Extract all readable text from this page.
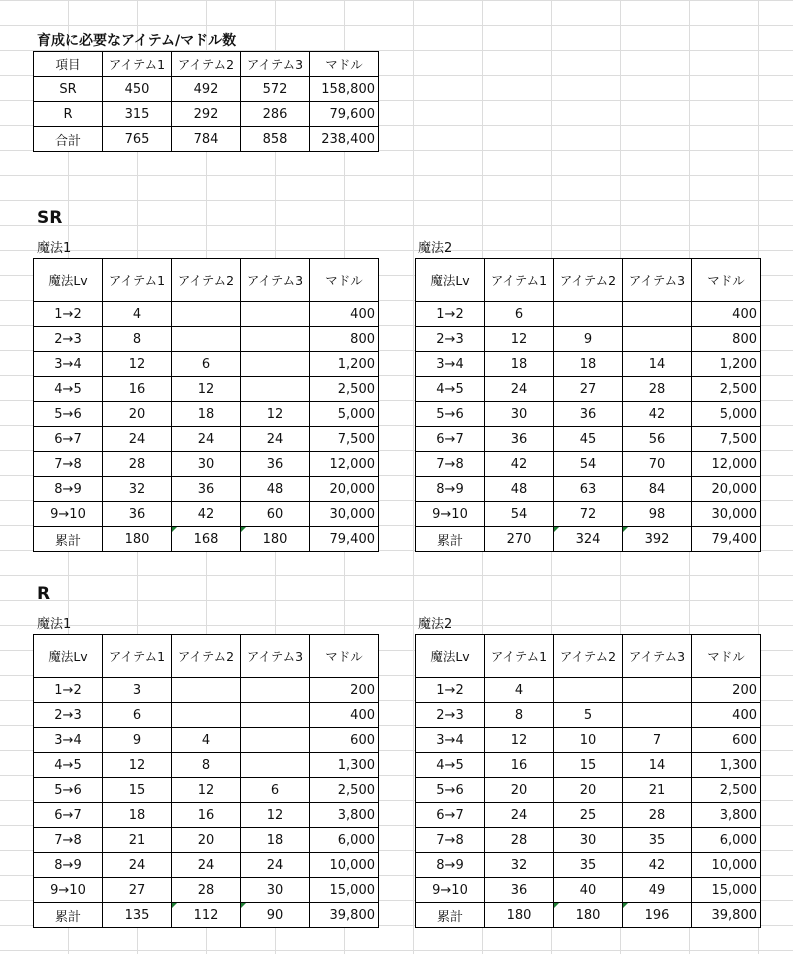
育成に必要なアイテム/マドル数
項目	アイテム1	アイテム2	アイテム3	マドル
SR	450	492	572	158,800
R	315	292	286	79,600
合計	765	784	858	238,400
SR
魔法1	魔法2
魔法Lv	アイテム1	アイテム2	アイテム3	マドル
1→2	4			400
2→3	8			800
3→4	12	6		1,200
4→5	16	12		2,500
5→6	20	18	12	5,000
6→7	24	24	24	7,500
7→8	28	30	36	12,000
8→9	32	36	48	20,000
9→10	36	42	60	30,000
累計	180	168	180	79,400
魔法Lv	アイテム1	アイテム2	アイテム3	マドル
1→2	6			400
2→3	12	9		800
3→4	18	18	14	1,200
4→5	24	27	28	2,500
5→6	30	36	42	5,000
6→7	36	45	56	7,500
7→8	42	54	70	12,000
8→9	48	63	84	20,000
9→10	54	72	98	30,000
累計	270	324	392	79,400
R
魔法1	魔法2
魔法Lv	アイテム1	アイテム2	アイテム3	マドル
1→2	3			200
2→3	6			400
3→4	9	4		600
4→5	12	8		1,300
5→6	15	12	6	2,500
6→7	18	16	12	3,800
7→8	21	20	18	6,000
8→9	24	24	24	10,000
9→10	27	28	30	15,000
累計	135	112	90	39,800
魔法Lv	アイテム1	アイテム2	アイテム3	マドル
1→2	4			200
2→3	8	5		400
3→4	12	10	7	600
4→5	16	15	14	1,300
5→6	20	20	21	2,500
6→7	24	25	28	3,800
7→8	28	30	35	6,000
8→9	32	35	42	10,000
9→10	36	40	49	15,000
累計	180	180	196	39,800
